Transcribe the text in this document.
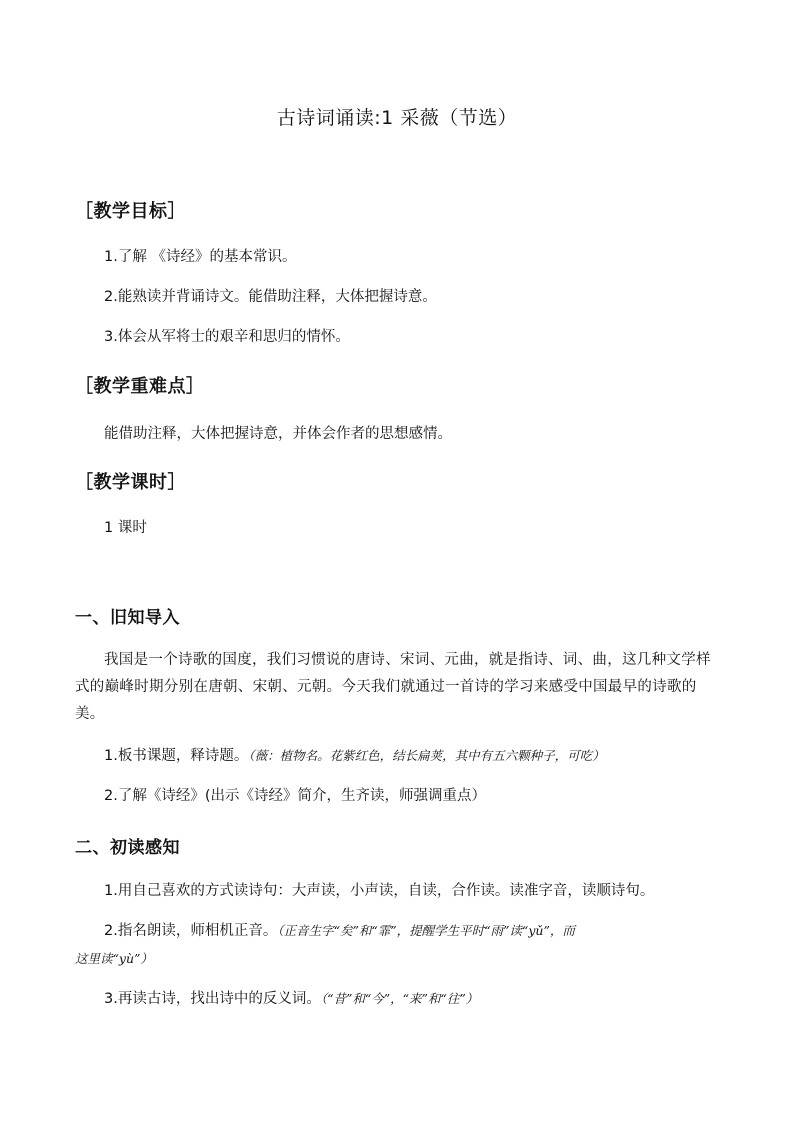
古诗词诵读:1 采薇（节选）
［教学目标］
1.了解 《诗经》的基本常识。
2.能熟读并背诵诗文。能借助注释，大体把握诗意。
3.体会从军将士的艰辛和思归的情怀。
［教学重难点］
能借助注释，大体把握诗意，并体会作者的思想感情。
［教学课时］
1 课时
一、旧知导入
我国是一个诗歌的国度，我们习惯说的唐诗、宋词、元曲，就是指诗、词、曲，这几种文学样式的巅峰时期分别在唐朝、宋朝、元朝。今天我们就通过一首诗的学习来感受中国最早的诗歌的美。
1.板书课题，释诗题。（薇：植物名。花紫红色，结长扁荚，其中有五六颗种子，可吃）
2.了解《诗经》(出示《诗经》简介，生齐读，师强调重点）
二、初读感知
1.用自己喜欢的方式读诗句：大声读，小声读，自读，合作读。读准字音，读顺诗句。
2.指名朗读，师相机正音。（正音生字“矣”和“霏”，提醒学生平时“雨”读“yǔ”，而
这里读“yù”）
3.再读古诗，找出诗中的反义词。（“昔”和“今”，“来”和“往”）
